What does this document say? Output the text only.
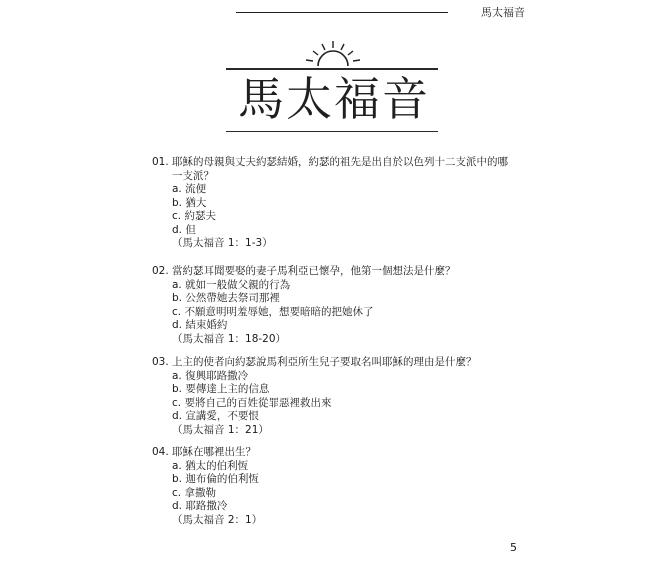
馬太福音
馬太福音
01. 耶穌的母親與丈夫約瑟結婚，約瑟的祖先是出自於以色列十二支派中的哪一支派？
a. 流便
b. 猶大
c. 約瑟夫
d. 但
（馬太福音 1：1-3）
02. 當約瑟耳聞要娶的妻子馬利亞已懷孕，他第一個想法是什麼？
a. 就如一般做父親的行為
b. 公然帶她去祭司那裡
c. 不願意明明羞辱她，想要暗暗的把她休了
d. 結束婚約
（馬太福音 1：18-20）
03. 上主的使者向約瑟說馬利亞所生兒子要取名叫耶穌的理由是什麼？
a. 復興耶路撒冷
b. 要傳達上主的信息
c. 要將自己的百姓從罪惡裡救出來
d. 宣講愛，不要恨
（馬太福音 1：21）
04. 耶穌在哪裡出生？
a. 猶太的伯利恆
b. 迦布倫的伯利恆
c. 拿撒勒
d. 耶路撒冷
（馬太福音 2：1）
5
